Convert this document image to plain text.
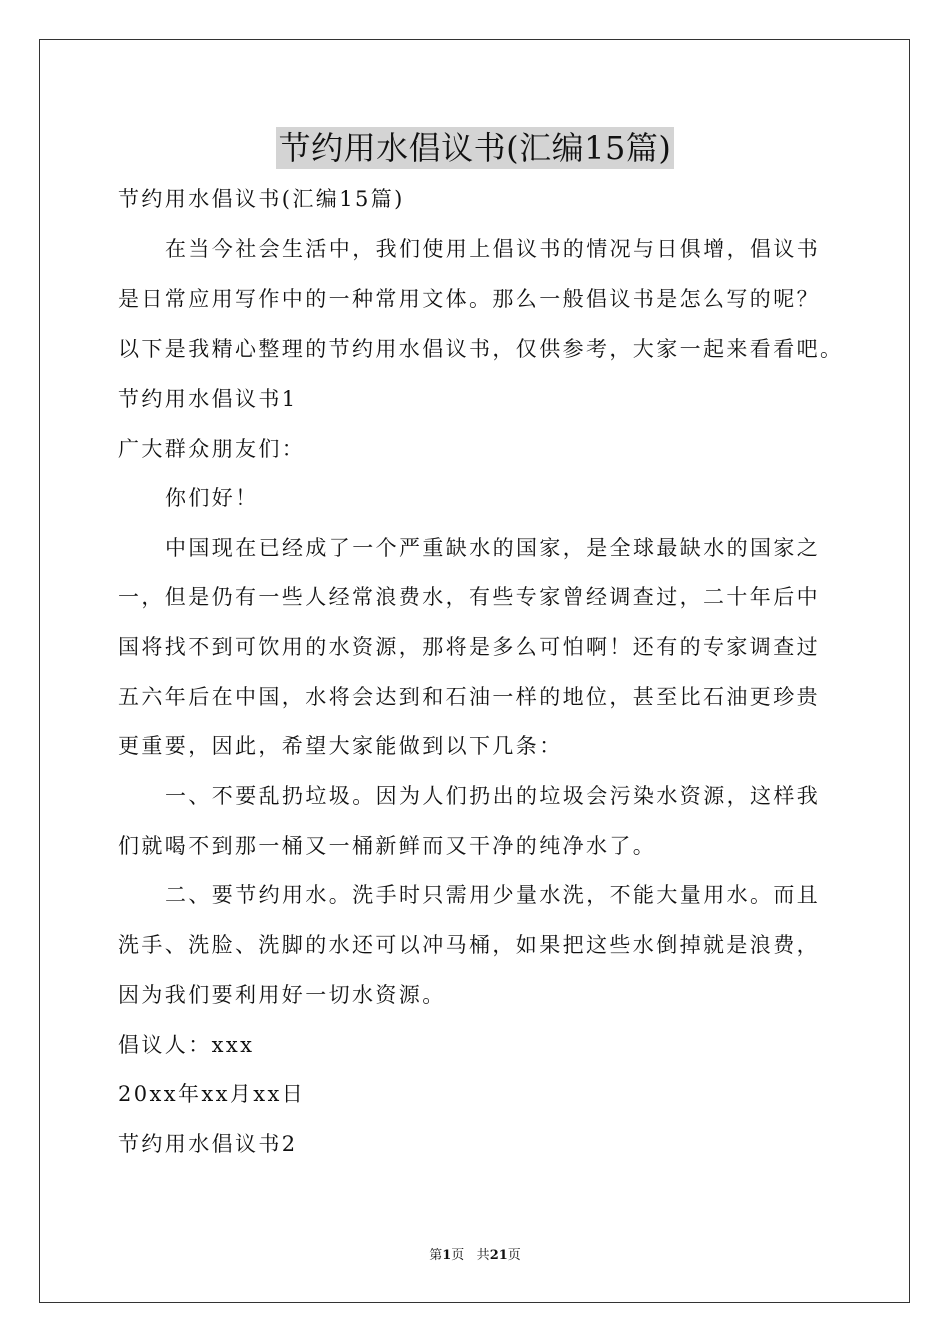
节约用水倡议书(汇编15篇)
节约用水倡议书(汇编15篇)
在当今社会生活中，我们使用上倡议书的情况与日俱增，倡议书
是日常应用写作中的一种常用文体。那么一般倡议书是怎么写的呢？
以下是我精心整理的节约用水倡议书，仅供参考，大家一起来看看吧。
节约用水倡议书1
广大群众朋友们：
你们好！
中国现在已经成了一个严重缺水的国家，是全球最缺水的国家之
一，但是仍有一些人经常浪费水，有些专家曾经调查过，二十年后中
国将找不到可饮用的水资源，那将是多么可怕啊！还有的专家调查过
五六年后在中国，水将会达到和石油一样的地位，甚至比石油更珍贵
更重要，因此，希望大家能做到以下几条：
一、不要乱扔垃圾。因为人们扔出的垃圾会污染水资源，这样我
们就喝不到那一桶又一桶新鲜而又干净的纯净水了。
二、要节约用水。洗手时只需用少量水洗，不能大量用水。而且
洗手、洗脸、洗脚的水还可以冲马桶，如果把这些水倒掉就是浪费，
因为我们要利用好一切水资源。
倡议人：xxx
20xx年xx月xx日
节约用水倡议书2
第1页 共21页
